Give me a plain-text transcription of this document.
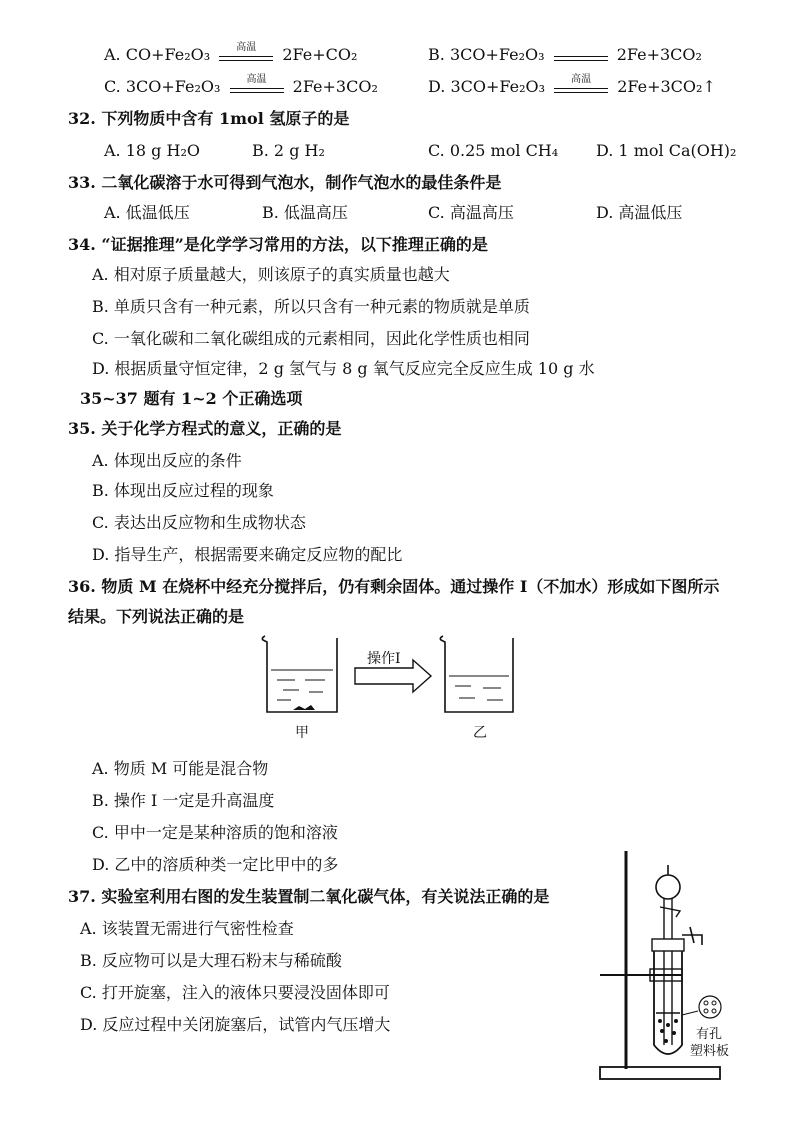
A. CO+Fe₂O₃	高温	2Fe+CO₂	B. 3CO+Fe₂O₃	2Fe+3CO₂
C. 3CO+Fe₂O₃	高温	2Fe+3CO₂	D. 3CO+Fe₂O₃	高温	2Fe+3CO₂↑
32. 下列物质中含有 1mol 氢原子的是
A. 18 g H₂O	B. 2 g H₂	C. 0.25 mol CH₄ D. 1 mol Ca(OH)₂
33. 二氧化碳溶于水可得到气泡水，制作气泡水的最佳条件是
A. 低温低压	B. 低温高压	C. 高温高压	D. 高温低压
34. “证据推理”是化学学习常用的方法，以下推理正确的是
A. 相对原子质量越大，则该原子的真实质量也越大
B. 单质只含有一种元素，所以只含有一种元素的物质就是单质
C. 一氧化碳和二氧化碳组成的元素相同，因此化学性质也相同
D. 根据质量守恒定律，2 g 氢气与 8 g 氧气反应完全反应生成 10 g 水
35~37 题有 1~2 个正确选项
35. 关于化学方程式的意义，正确的是
A. 体现出反应的条件
B. 体现出反应过程的现象
C. 表达出反应物和生成物状态
D. 指导生产，根据需要来确定反应物的配比
36. 物质 M 在烧杯中经充分搅拌后，仍有剩余固体。通过操作 I（不加水）形成如下图所示
结果。下列说法正确的是
操作I
甲	乙
A. 物质 M 可能是混合物
B. 操作 I 一定是升高温度
C. 甲中一定是某种溶质的饱和溶液
D. 乙中的溶质种类一定比甲中的多
37. 实验室利用右图的发生装置制二氧化碳气体，有关说法正确的是
A. 该装置无需进行气密性检查
B. 反应物可以是大理石粉末与稀硫酸
C. 打开旋塞，注入的液体只要浸没固体即可
D. 反应过程中关闭旋塞后，试管内气压增大
有孔
塑料板
